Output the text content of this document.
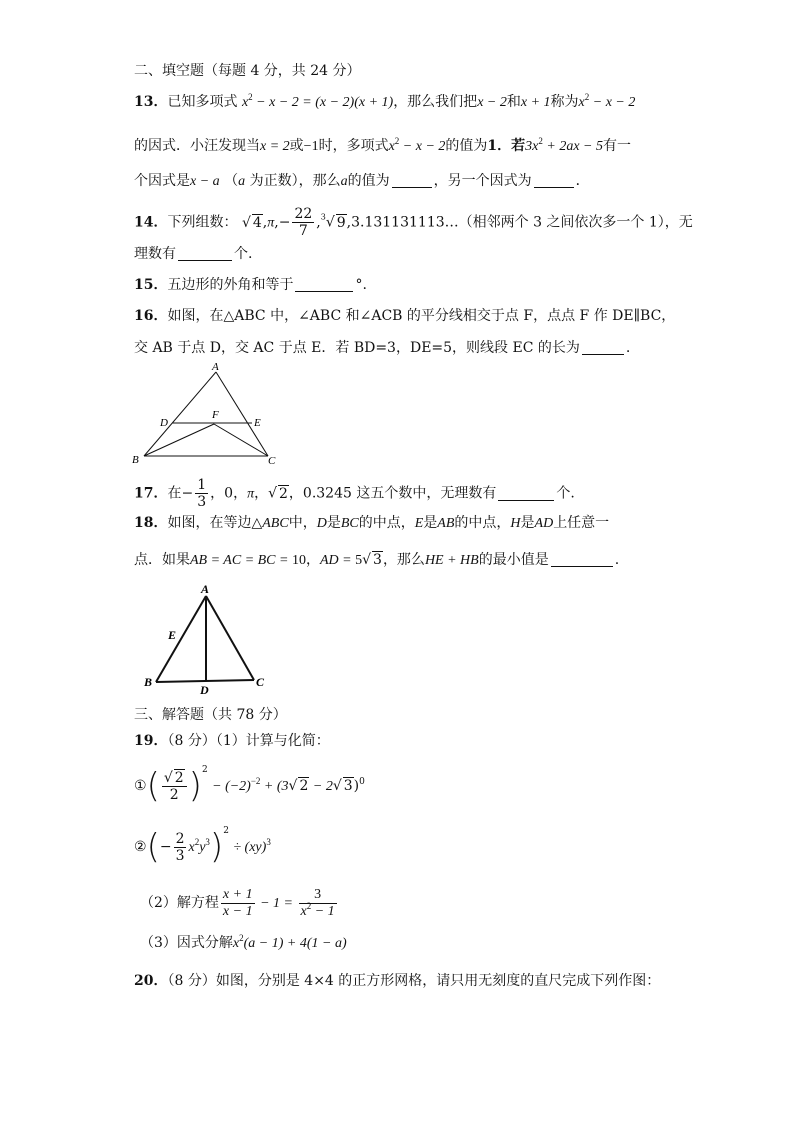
二、填空题（每题 4 分，共 24 分）
13．已知多项式 $x^2 - x - 2 = (x - 2)(x + 1)$，那么我们把x − 2和x + 1称为$x^2 - x - 2$
的因式．小汪发现当x = 2或−1时，多项式$x^2 - x - 2$的值为1．若$3x^2 + 2ax - 5$有一
个因式是x − a （a 为正数），那么a的值为	，另一个因式为	．
14．下列组数： √ $4,\pi,- \frac{22}{7} ,^3√$ 9,3.131131113…（相邻两个 3 之间依次多一个 1），无
理数有	个.
15．五边形的外角和等于	°.
16．如图，在△ABC 中，∠ABC 和∠ACB 的平分线相交于点 F，点点 F 作 DE∥BC，
交 AB 于点 D，交 AC 于点 E．若 BD=3，DE=5，则线段 EC 的长为	.
A
D
F
E
B	C
17．在− $\frac{1}{3}$ ，0，π，√ 2，0.3245 这五个数中，无理数有	个.
18．如图，在等边△ABC中，D是BC的中点，E是AB的中点，H是AD上任意一
点．如果AB = AC = BC = 10，AD = 5√ 3，那么HE + HB的最小值是	.
A
E
B
D
C
三、解答题（共 78 分）
19．（8 分）（1）计算与化简：
①( $\frac{√ 2}{2} )^2 - (-2)^{-2} + (3√$ 2 − 2√ 3)$^0$
②(− $\frac{2}{3} x^2y^3)^2 \div (xy)^3$
（2）解方程 $\frac{x + 1}{x - 1} - 1 = \frac{3}{x^2 - 1}$
（3）因式分解$x^2(a - 1) + 4(1 - a)$
20．（8 分）如图，分别是 4×4 的正方形网格，请只用无刻度的直尺完成下列作图：
